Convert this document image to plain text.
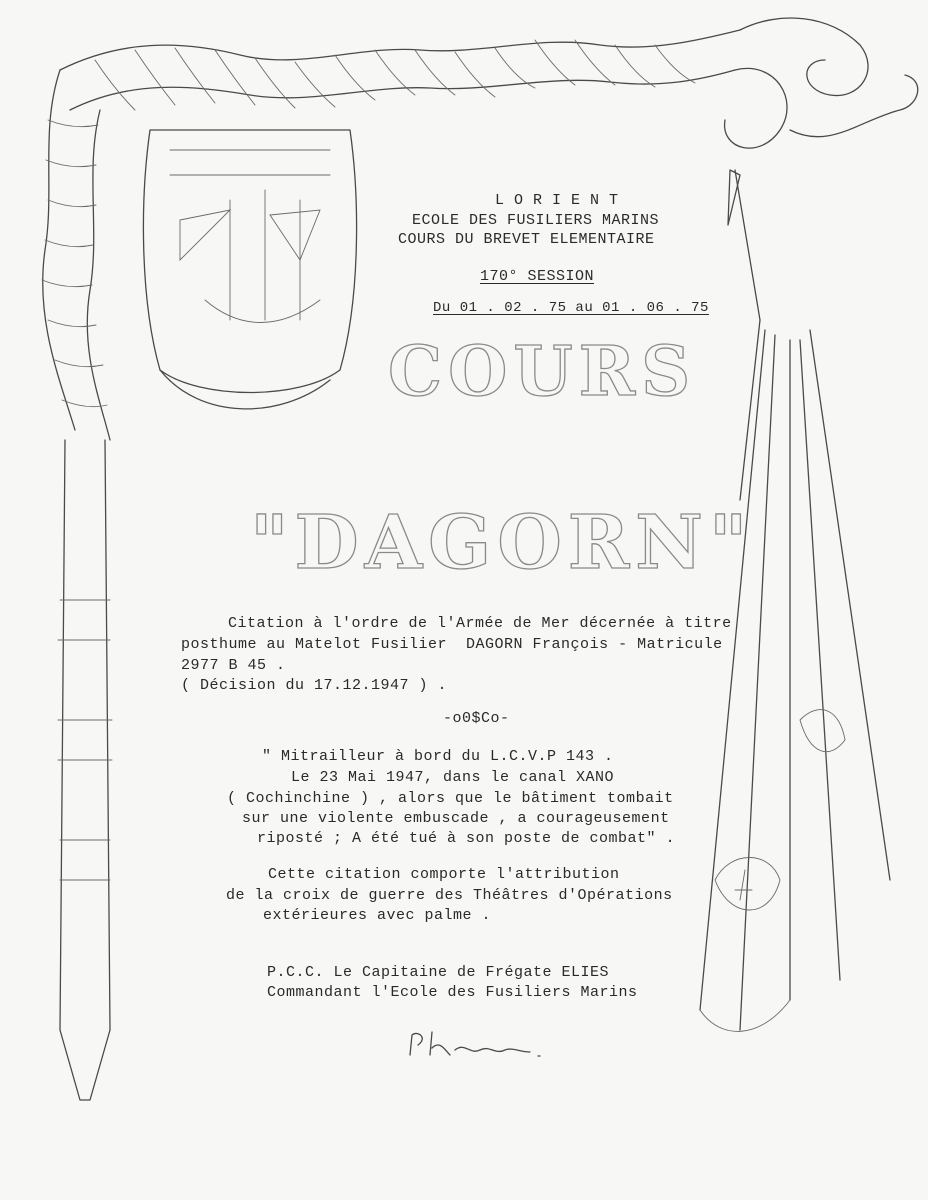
L O R I E N T
ECOLE DES FUSILIERS MARINS
COURS DU BREVET ELEMENTAIRE
170° SESSION
Du 01 . 02 . 75 au 01 . 06 . 75
COURS
"DAGORN"
Citation à l'ordre de l'Armée de Mer décernée à titre
posthume au Matelot Fusilier  DAGORN François - Matricule
2977 B 45 .
( Décision du 17.12.1947 ) .
-o0$Co-
" Mitrailleur à bord du L.C.V.P 143 .
Le 23 Mai 1947, dans le canal XANO
( Cochinchine ) , alors que le bâtiment tombait
sur une violente embuscade , a courageusement
riposté ; A été tué à son poste de combat" .
Cette citation comporte l'attribution
de la croix de guerre des Théâtres d'Opérations
extérieures avec palme .
P.C.C. Le Capitaine de Frégate ELIES
Commandant l'Ecole des Fusiliers Marins
